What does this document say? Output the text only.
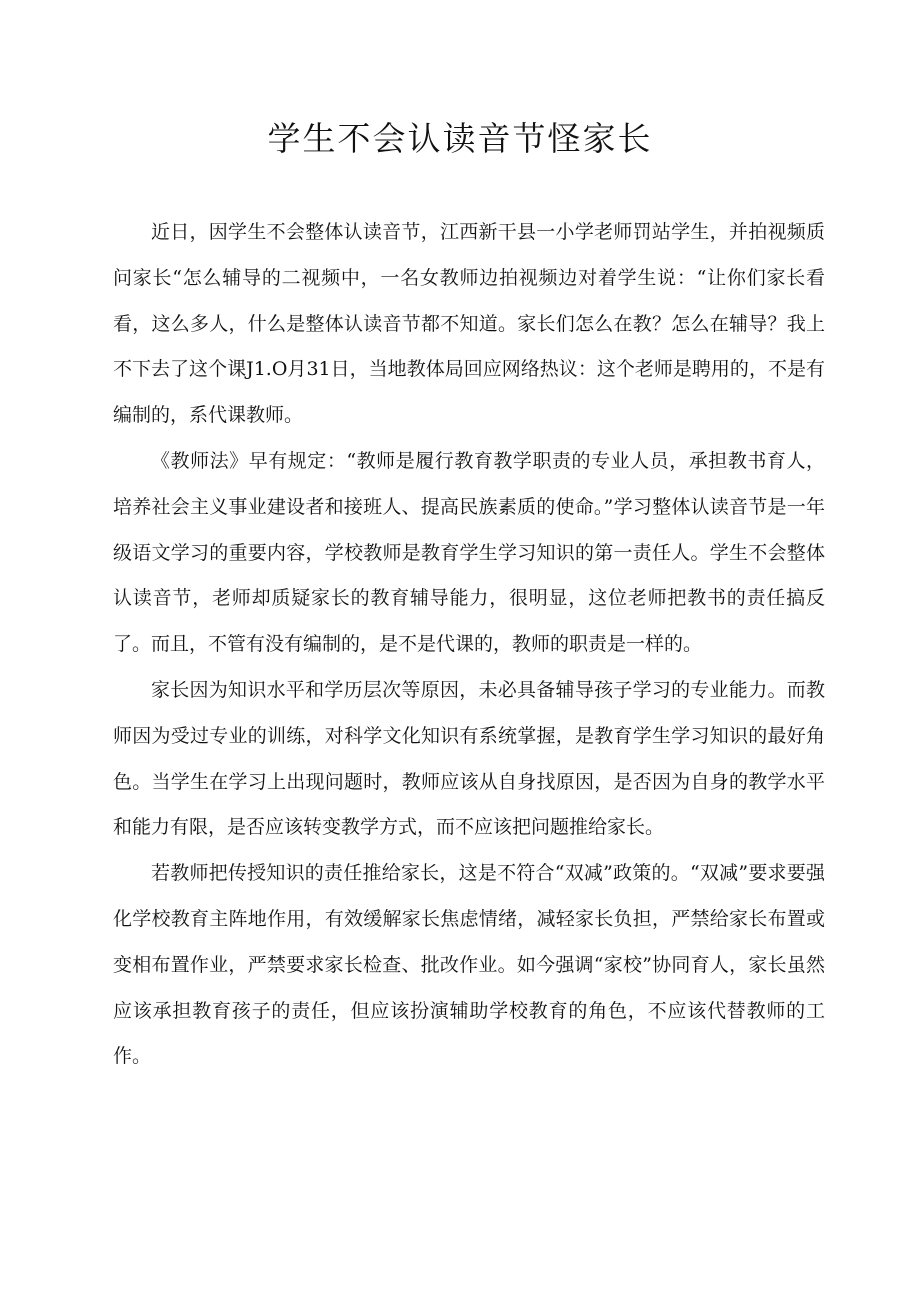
学生不会认读音节怪家长

近日，因学生不会整体认读音节，江西新干县一小学老师罚站学生，并拍视频质问家长“怎么辅导的二视频中，一名女教师边拍视频边对着学生说：“让你们家长看看，这么多人，什么是整体认读音节都不知道。家长们怎么在教？怎么在辅导？我上不下去了这个课J1.O月31日，当地教体局回应网络热议：这个老师是聘用的，不是有编制的，系代课教师。

《教师法》早有规定：“教师是履行教育教学职责的专业人员，承担教书育人，培养社会主义事业建设者和接班人、提高民族素质的使命。”学习整体认读音节是一年级语文学习的重要内容，学校教师是教育学生学习知识的第一责任人。学生不会整体认读音节，老师却质疑家长的教育辅导能力，很明显，这位老师把教书的责任搞反了。而且，不管有没有编制的，是不是代课的，教师的职责是一样的。

家长因为知识水平和学历层次等原因，未必具备辅导孩子学习的专业能力。而教师因为受过专业的训练，对科学文化知识有系统掌握，是教育学生学习知识的最好角色。当学生在学习上出现问题时，教师应该从自身找原因，是否因为自身的教学水平和能力有限，是否应该转变教学方式，而不应该把问题推给家长。

若教师把传授知识的责任推给家长，这是不符合“双减”政策的。“双减”要求要强化学校教育主阵地作用，有效缓解家长焦虑情绪，减轻家长负担，严禁给家长布置或变相布置作业，严禁要求家长检查、批改作业。如今强调“家校”协同育人，家长虽然应该承担教育孩子的责任，但应该扮演辅助学校教育的角色，不应该代替教师的工作。
